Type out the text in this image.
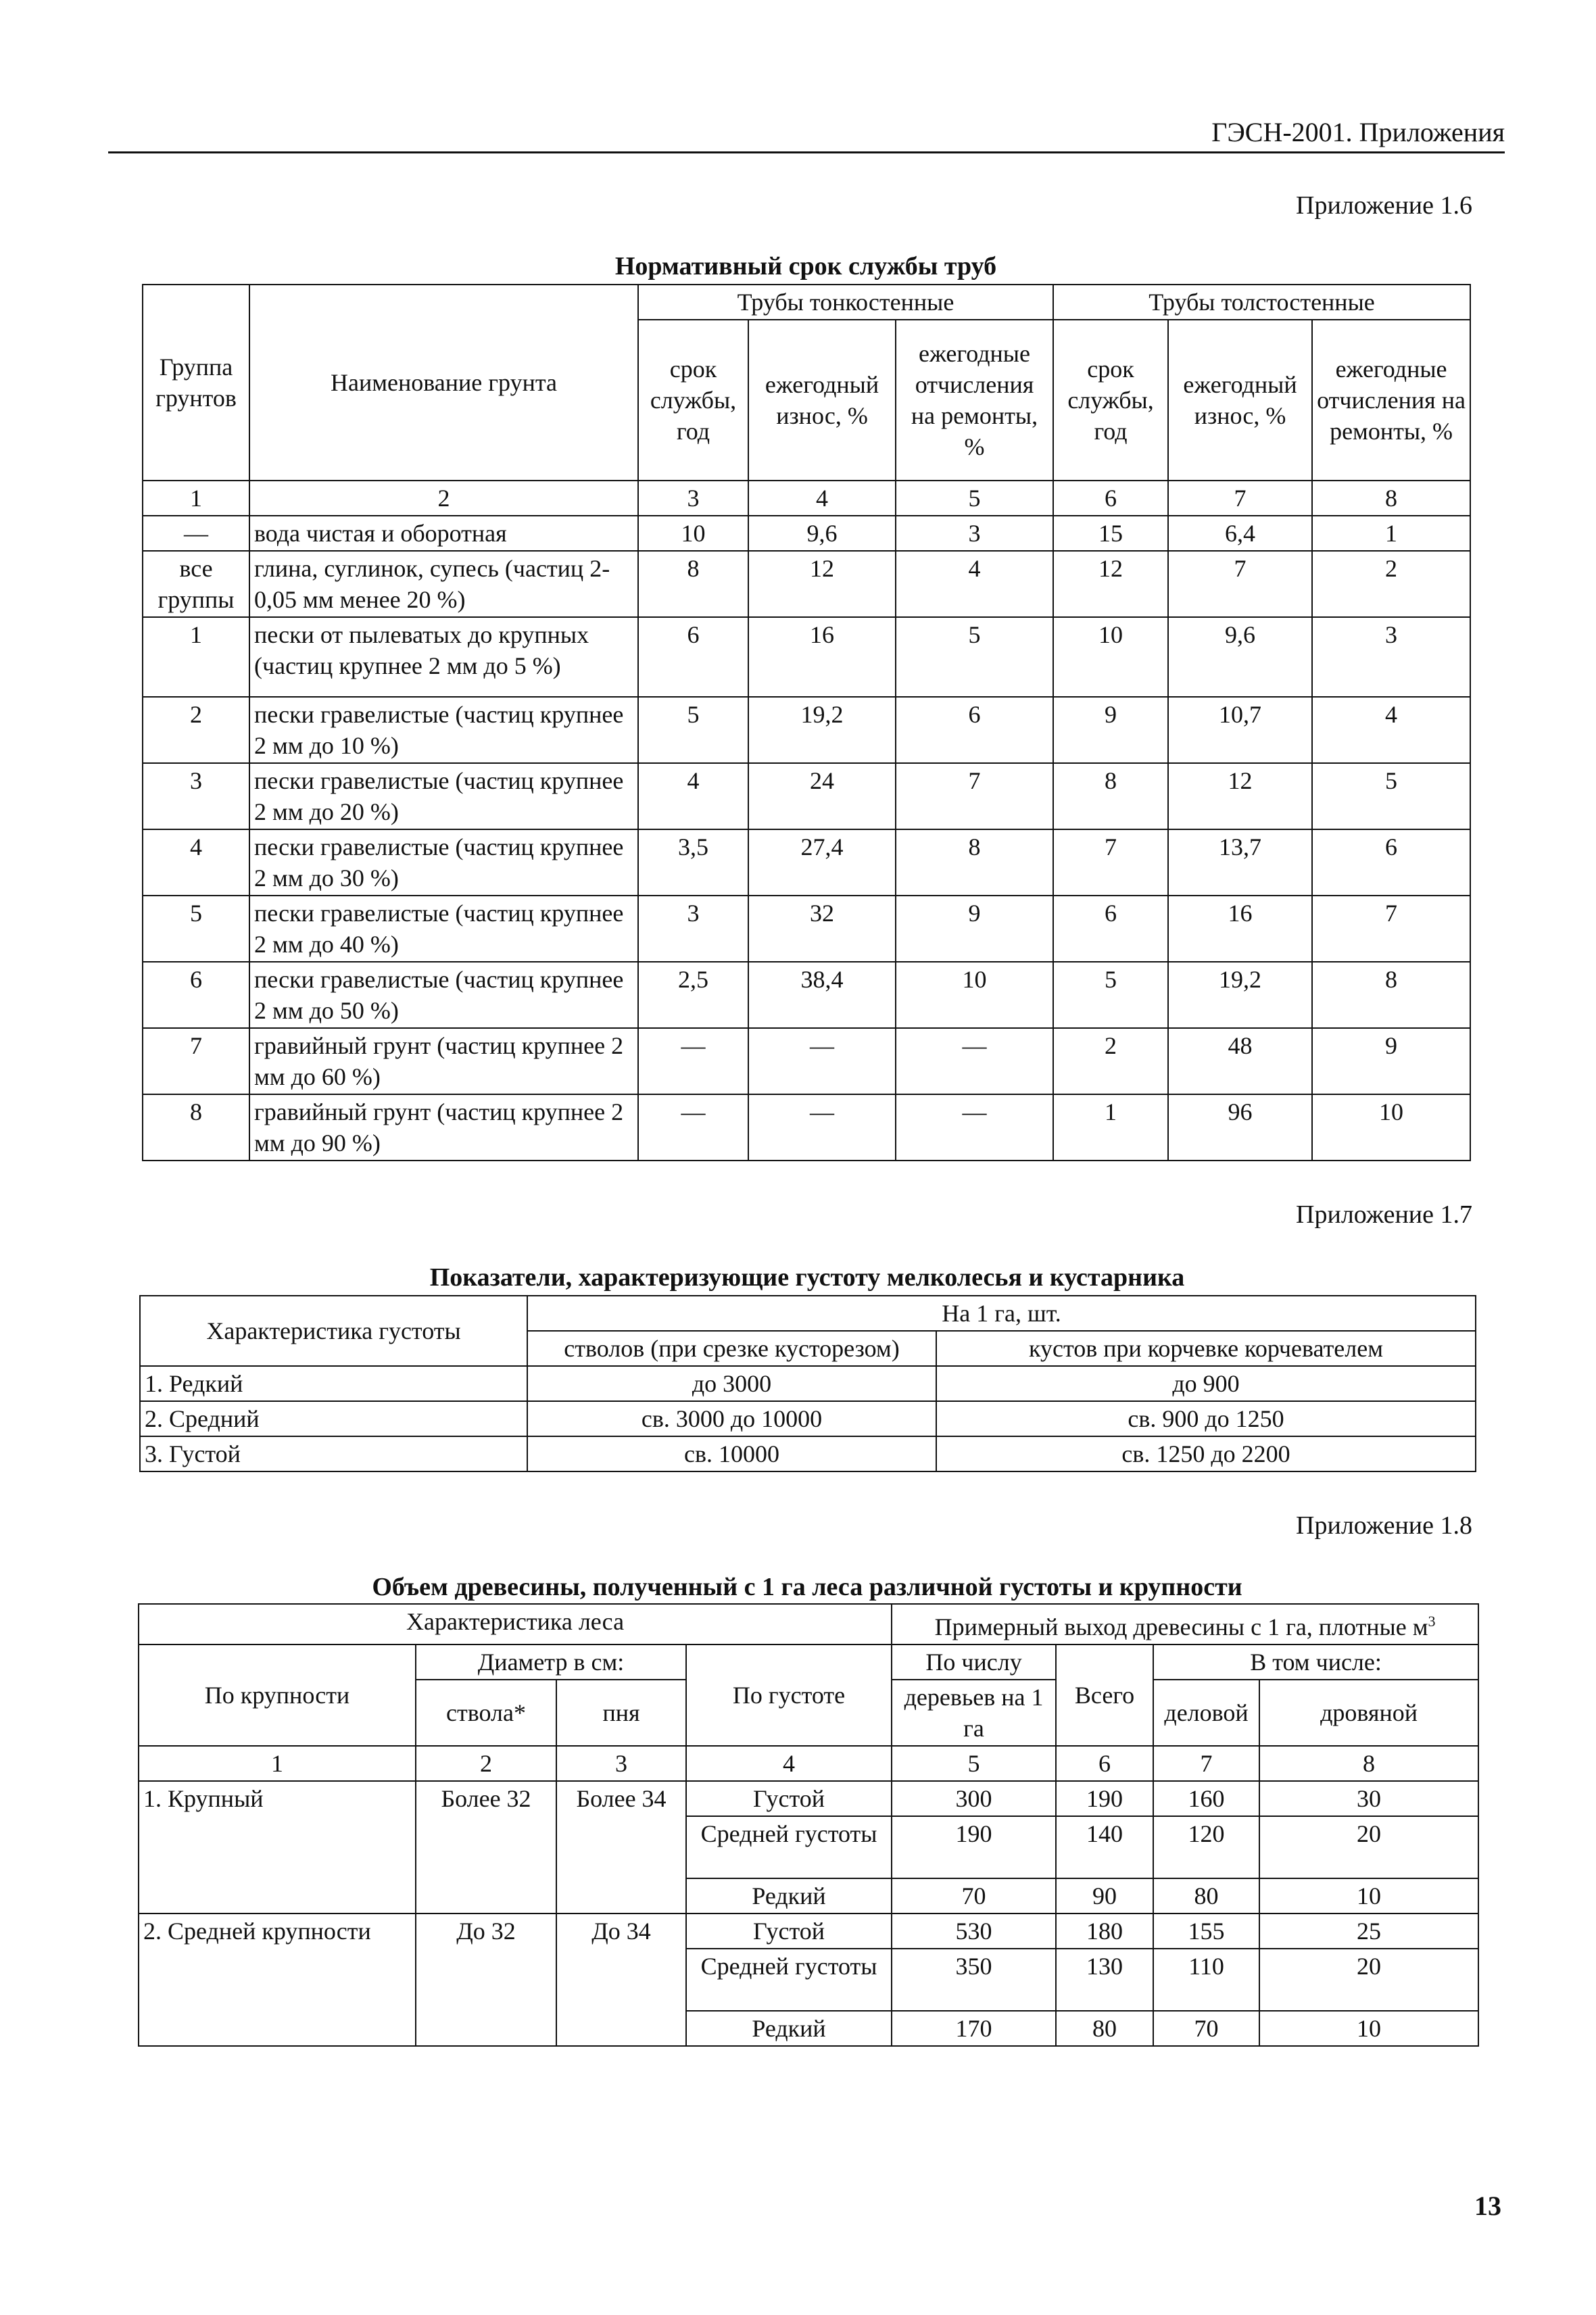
ГЭСН-2001. Приложения
Приложение 1.6
Нормативный срок службы труб
Группа грунтов	Наименование грунта	Трубы тонкостенные			Трубы толстостенные		
		срок службы, год	ежегодный износ, %	ежегодные отчисления на ремонты, %	срок службы, год	ежегодный износ, %	ежегодные отчисления на ремонты, %
1	2	3	4	5	6	7	8
—	вода чистая и оборотная	10	9,6	3	15	6,4	1
все группы	глина, суглинок, супесь (частиц 2-0,05 мм менее 20 %)	8	12	4	12	7	2
1	пески от пылеватых до крупных (частиц крупнее 2 мм до 5 %)	6	16	5	10	9,6	3
2	пески гравелистые (частиц крупнее 2 мм до 10 %)	5	19,2	6	9	10,7	4
3	пески гравелистые (частиц крупнее 2 мм до 20 %)	4	24	7	8	12	5
4	пески гравелистые (частиц крупнее 2 мм до 30 %)	3,5	27,4	8	7	13,7	6
5	пески гравелистые (частиц крупнее 2 мм до 40 %)	3	32	9	6	16	7
6	пески гравелистые (частиц крупнее 2 мм до 50 %)	2,5	38,4	10	5	19,2	8
7	гравийный грунт (частиц крупнее 2 мм до 60 %)	—	—	—	2	48	9
8	гравийный грунт (частиц крупнее 2 мм до 90 %)	—	—	—	1	96	10
Приложение 1.7
Показатели, характеризующие густоту мелколесья и кустарника
Характеристика густоты	На 1 га, шт.	
	стволов (при срезке кусторезом)	кустов при корчевке корчевателем
1. Редкий	до 3000	до 900
2. Средний	св. 3000 до 10000	св. 900 до 1250
3. Густой	св. 10000	св. 1250 до 2200
Приложение 1.8
Объем древесины, полученный с 1 га леса различной густоты и крупности
Характеристика леса				Примерный выход древесины с 1 га, плотные $м^3$
По крупности	Диаметр в см:		По густоте	По числу	Всего	В том числе:	
	ствола*	пня		деревьев на 1 га		деловой	дровяной
1	2	3	4	5	6	7	8
1. Крупный	Более 32	Более 34	Густой	300	190	160	30
			Средней густоты	190	140	120	20
			Редкий	70	90	80	10
2. Средней крупности	До 32	До 34	Густой	530	180	155	25
			Средней густоты	350	130	110	20
			Редкий	170	80	70	10
13
